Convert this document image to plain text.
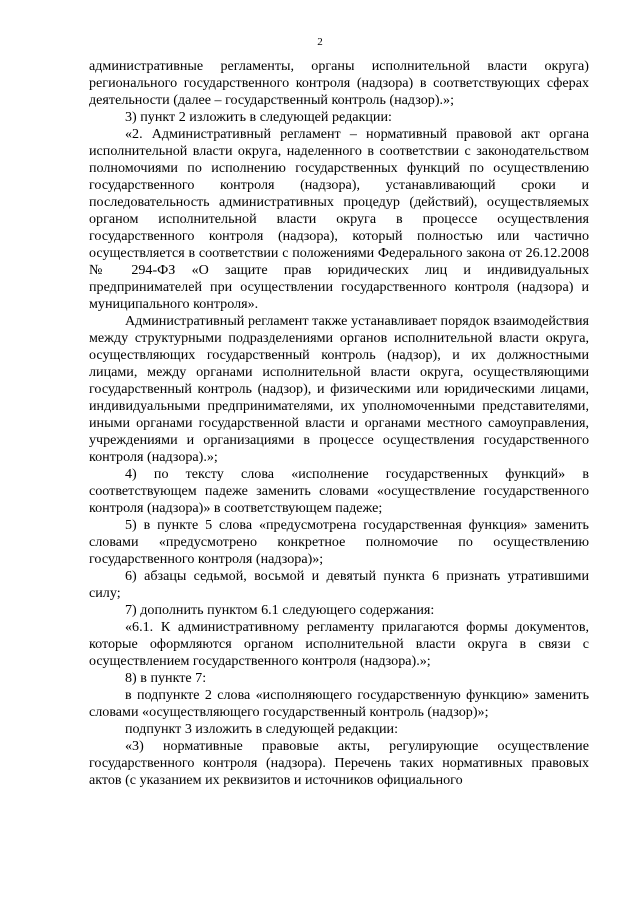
2

административные регламенты, органы исполнительной власти округа) регионального государственного контроля (надзора) в соответствующих сферах деятельности (далее – государственный контроль (надзор).»;

3) пункт 2 изложить в следующей редакции:

«2. Административный регламент – нормативный правовой акт органа исполнительной власти округа, наделенного в соответствии с законодательством полномочиями по исполнению государственных функций по осуществлению государственного контроля (надзора), устанавливающий сроки и последовательность административных процедур (действий), осуществляемых органом исполнительной власти округа в процессе осуществления государственного контроля (надзора), который полностью или частично осуществляется в соответствии с положениями Федерального закона от 26.12.2008 № 294-ФЗ «О защите прав юридических лиц и индивидуальных предпринимателей при осуществлении государственного контроля (надзора) и муниципального контроля».

Административный регламент также устанавливает порядок взаимодействия между структурными подразделениями органов исполнительной власти округа, осуществляющих государственный контроль (надзор), и их должностными лицами, между органами исполнительной власти округа, осуществляющими государственный контроль (надзор), и физическими или юридическими лицами, индивидуальными предпринимателями, их уполномоченными представителями, иными органами государственной власти и органами местного самоуправления, учреждениями и организациями в процессе осуществления государственного контроля (надзора).»;

4) по тексту слова «исполнение государственных функций» в соответствующем падеже заменить словами «осуществление государственного контроля (надзора)» в соответствующем падеже;

5) в пункте 5 слова «предусмотрена государственная функция» заменить словами «предусмотрено конкретное полномочие по осуществлению государственного контроля (надзора)»;

6) абзацы седьмой, восьмой и девятый пункта 6 признать утратившими силу;

7) дополнить пунктом 6.1 следующего содержания:

«6.1. К административному регламенту прилагаются формы документов, которые оформляются органом исполнительной власти округа в связи с осуществлением государственного контроля (надзора).»;

8) в пункте 7:

в подпункте 2 слова «исполняющего государственную функцию» заменить словами «осуществляющего государственный контроль (надзор)»;

подпункт 3 изложить в следующей редакции:

«3) нормативные правовые акты, регулирующие осуществление государственного контроля (надзора). Перечень таких нормативных правовых актов (с указанием их реквизитов и источников официального
